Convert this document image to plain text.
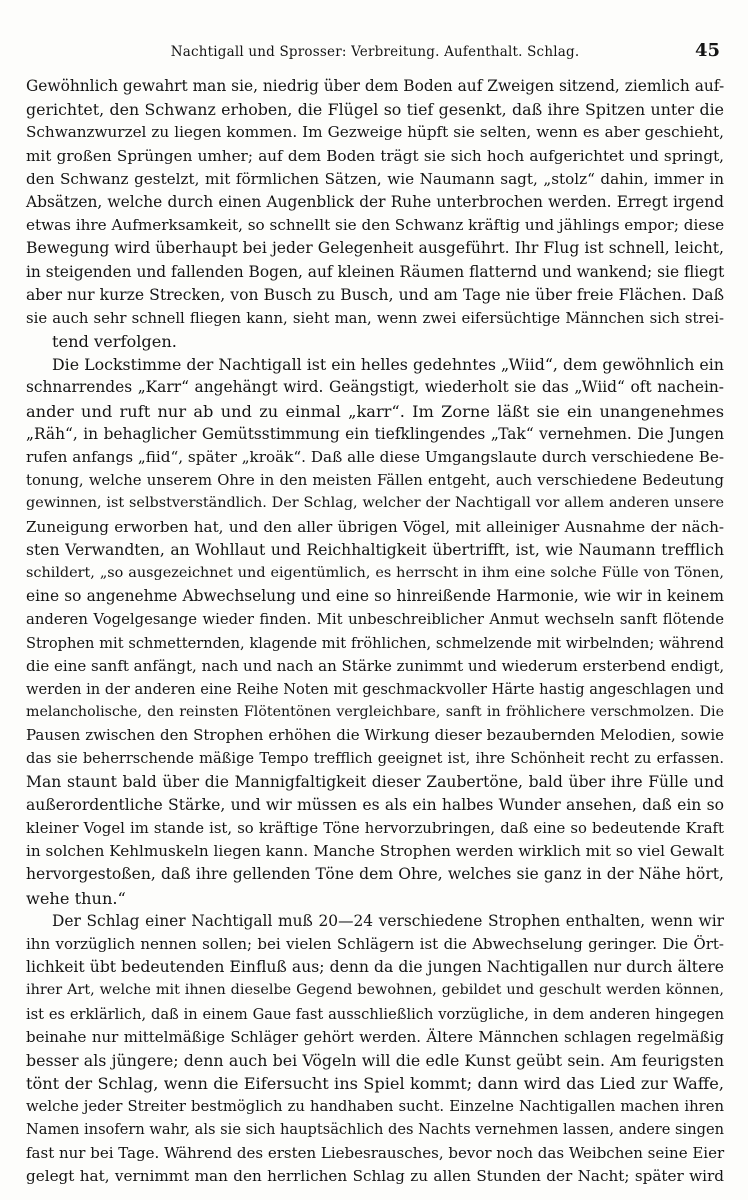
Nachtigall und Sprosser: Verbreitung. Aufenthalt. Schlag.	45
Gewöhnlich gewahrt man sie, niedrig über dem Boden auf Zweigen sitzend, ziemlich auf-
gerichtet, den Schwanz erhoben, die Flügel so tief gesenkt, daß ihre Spitzen unter die
Schwanzwurzel zu liegen kommen. Im Gezweige hüpft sie selten, wenn es aber geschieht,
mit großen Sprüngen umher; auf dem Boden trägt sie sich hoch aufgerichtet und springt,
den Schwanz gestelzt, mit förmlichen Sätzen, wie Naumann sagt, „stolz“ dahin, immer in
Absätzen, welche durch einen Augenblick der Ruhe unterbrochen werden. Erregt irgend
etwas ihre Aufmerksamkeit, so schnellt sie den Schwanz kräftig und jählings empor; diese
Bewegung wird überhaupt bei jeder Gelegenheit ausgeführt. Ihr Flug ist schnell, leicht,
in steigenden und fallenden Bogen, auf kleinen Räumen flatternd und wankend; sie fliegt
aber nur kurze Strecken, von Busch zu Busch, und am Tage nie über freie Flächen. Daß
sie auch sehr schnell fliegen kann, sieht man, wenn zwei eifersüchtige Männchen sich strei-
tend verfolgen.
Die Lockstimme der Nachtigall ist ein helles gedehntes „Wiid“, dem gewöhnlich ein
schnarrendes „Karr“ angehängt wird. Geängstigt, wiederholt sie das „Wiid“ oft nachein-
ander und ruft nur ab und zu einmal „karr“. Im Zorne läßt sie ein unangenehmes
„Räh“, in behaglicher Gemütsstimmung ein tiefklingendes „Tak“ vernehmen. Die Jungen
rufen anfangs „fiid“, später „kroäk“. Daß alle diese Umgangslaute durch verschiedene Be-
tonung, welche unserem Ohre in den meisten Fällen entgeht, auch verschiedene Bedeutung
gewinnen, ist selbstverständlich. Der Schlag, welcher der Nachtigall vor allem anderen unsere
Zuneigung erworben hat, und den aller übrigen Vögel, mit alleiniger Ausnahme der näch-
sten Verwandten, an Wohllaut und Reichhaltigkeit übertrifft, ist, wie Naumann trefflich
schildert, „so ausgezeichnet und eigentümlich, es herrscht in ihm eine solche Fülle von Tönen,
eine so angenehme Abwechselung und eine so hinreißende Harmonie, wie wir in keinem
anderen Vogelgesange wieder finden. Mit unbeschreiblicher Anmut wechseln sanft flötende
Strophen mit schmetternden, klagende mit fröhlichen, schmelzende mit wirbelnden; während
die eine sanft anfängt, nach und nach an Stärke zunimmt und wiederum ersterbend endigt,
werden in der anderen eine Reihe Noten mit geschmackvoller Härte hastig angeschlagen und
melancholische, den reinsten Flötentönen vergleichbare, sanft in fröhlichere verschmolzen. Die
Pausen zwischen den Strophen erhöhen die Wirkung dieser bezaubernden Melodien, sowie
das sie beherrschende mäßige Tempo trefflich geeignet ist, ihre Schönheit recht zu erfassen.
Man staunt bald über die Mannigfaltigkeit dieser Zaubertöne, bald über ihre Fülle und
außerordentliche Stärke, und wir müssen es als ein halbes Wunder ansehen, daß ein so
kleiner Vogel im stande ist, so kräftige Töne hervorzubringen, daß eine so bedeutende Kraft
in solchen Kehlmuskeln liegen kann. Manche Strophen werden wirklich mit so viel Gewalt
hervorgestoßen, daß ihre gellenden Töne dem Ohre, welches sie ganz in der Nähe hört,
wehe thun.“
Der Schlag einer Nachtigall muß 20—24 verschiedene Strophen enthalten, wenn wir
ihn vorzüglich nennen sollen; bei vielen Schlägern ist die Abwechselung geringer. Die Ört-
lichkeit übt bedeutenden Einfluß aus; denn da die jungen Nachtigallen nur durch ältere
ihrer Art, welche mit ihnen dieselbe Gegend bewohnen, gebildet und geschult werden können,
ist es erklärlich, daß in einem Gaue fast ausschließlich vorzügliche, in dem anderen hingegen
beinahe nur mittelmäßige Schläger gehört werden. Ältere Männchen schlagen regelmäßig
besser als jüngere; denn auch bei Vögeln will die edle Kunst geübt sein. Am feurigsten
tönt der Schlag, wenn die Eifersucht ins Spiel kommt; dann wird das Lied zur Waffe,
welche jeder Streiter bestmöglich zu handhaben sucht. Einzelne Nachtigallen machen ihren
Namen insofern wahr, als sie sich hauptsächlich des Nachts vernehmen lassen, andere singen
fast nur bei Tage. Während des ersten Liebesrausches, bevor noch das Weibchen seine Eier
gelegt hat, vernimmt man den herrlichen Schlag zu allen Stunden der Nacht; später wird
